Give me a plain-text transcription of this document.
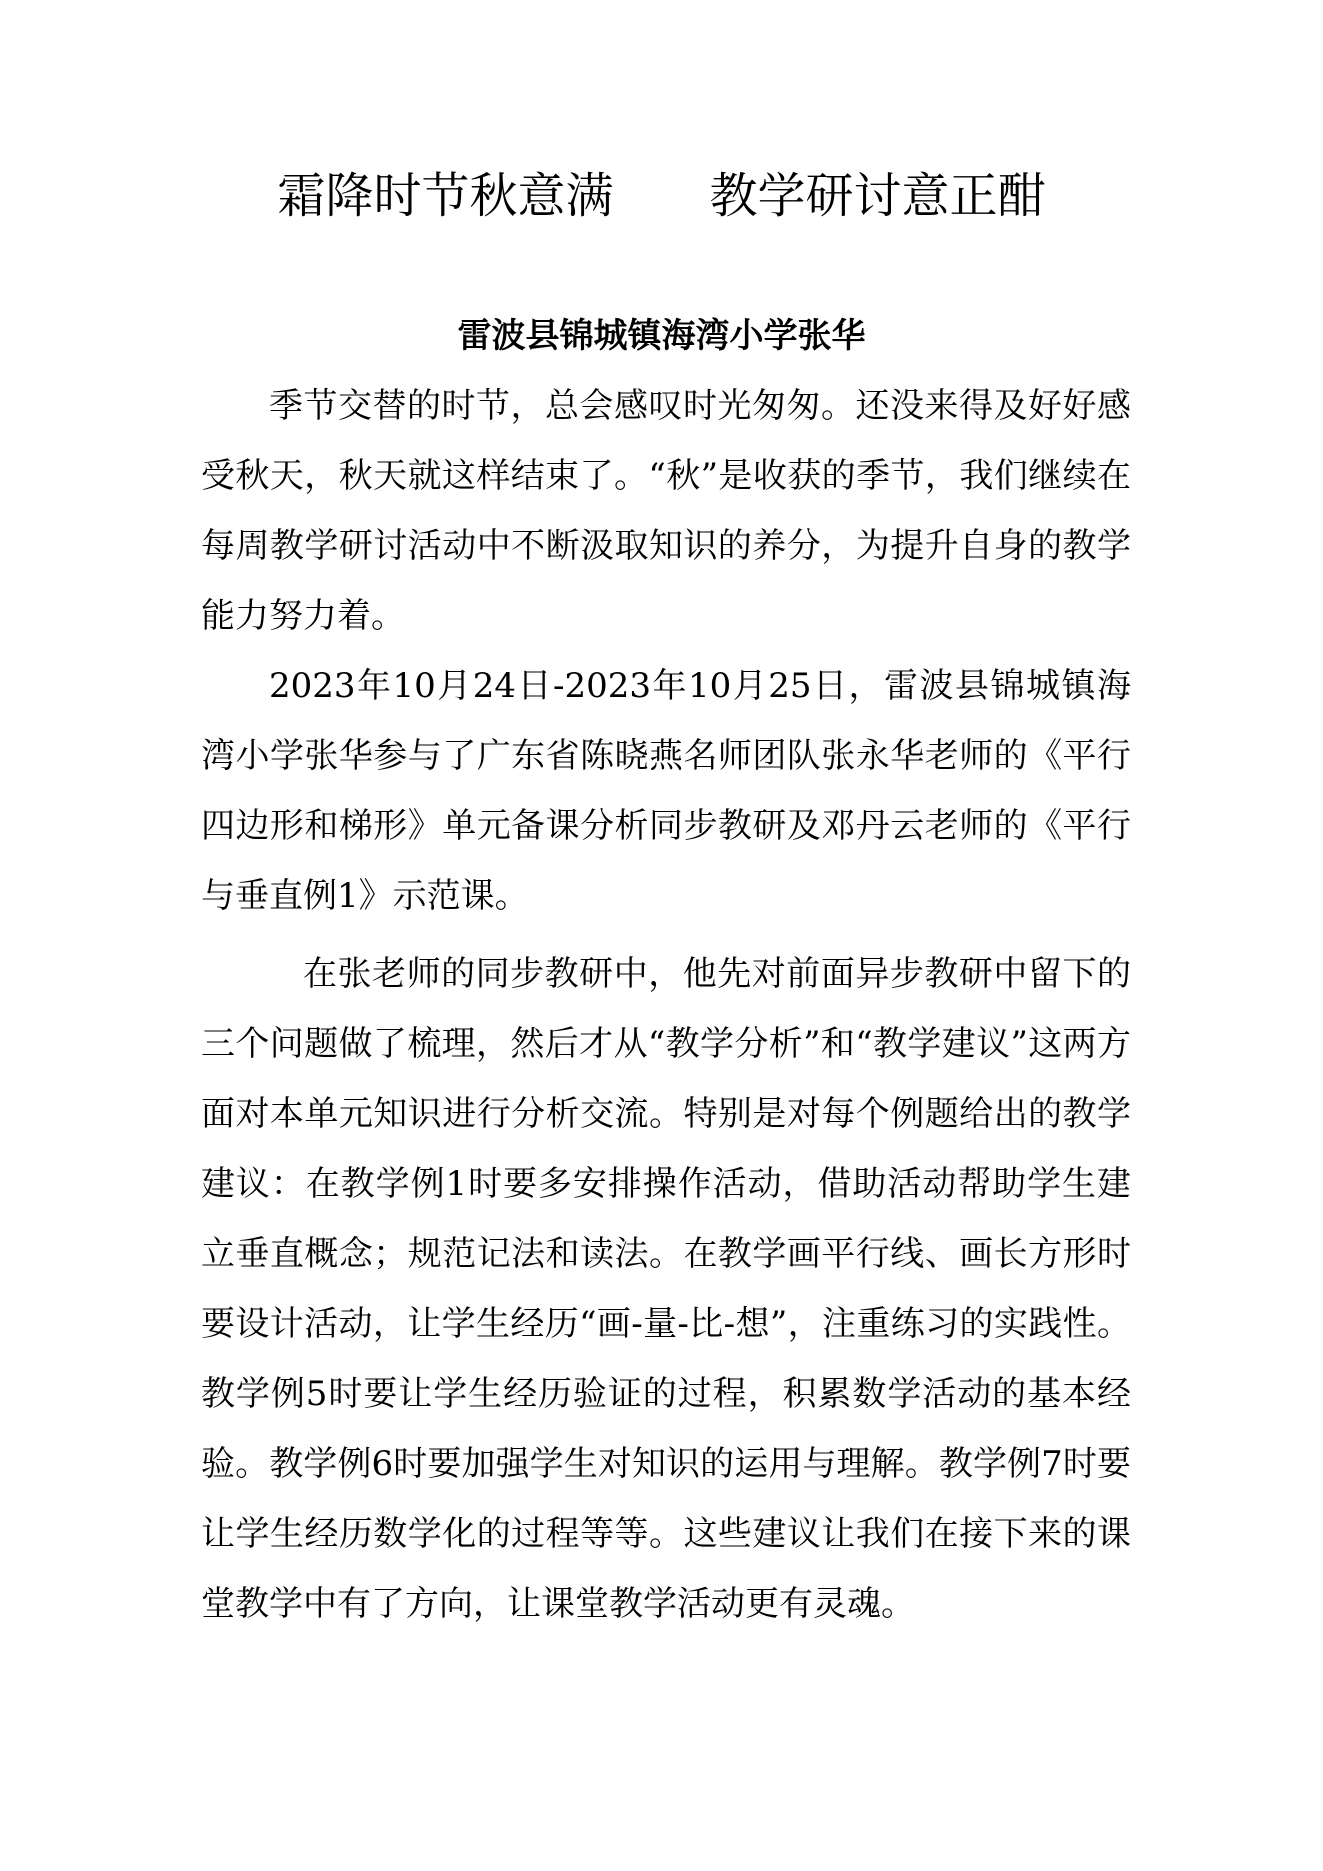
霜降时节秋意满　　教学研讨意正酣
雷波县锦城镇海湾小学张华

季节交替的时节，总会感叹时光匆匆。还没来得及好好感受秋天，秋天就这样结束了。“秋”是收获的季节，我们继续在每周教学研讨活动中不断汲取知识的养分，为提升自身的教学能力努力着。

2023年10月24日-2023年10月25日，雷波县锦城镇海湾小学张华参与了广东省陈晓燕名师团队张永华老师的《平行四边形和梯形》单元备课分析同步教研及邓丹云老师的《平行与垂直例1》示范课。

在张老师的同步教研中，他先对前面异步教研中留下的三个问题做了梳理，然后才从“教学分析”和“教学建议”这两方面对本单元知识进行分析交流。特别是对每个例题给出的教学建议：在教学例1时要多安排操作活动，借助活动帮助学生建立垂直概念；规范记法和读法。在教学画平行线、画长方形时要设计活动，让学生经历“画-量-比-想”，注重练习的实践性。教学例5时要让学生经历验证的过程，积累数学活动的基本经验。教学例6时要加强学生对知识的运用与理解。教学例7时要让学生经历数学化的过程等等。这些建议让我们在接下来的课堂教学中有了方向，让课堂教学活动更有灵魂。
